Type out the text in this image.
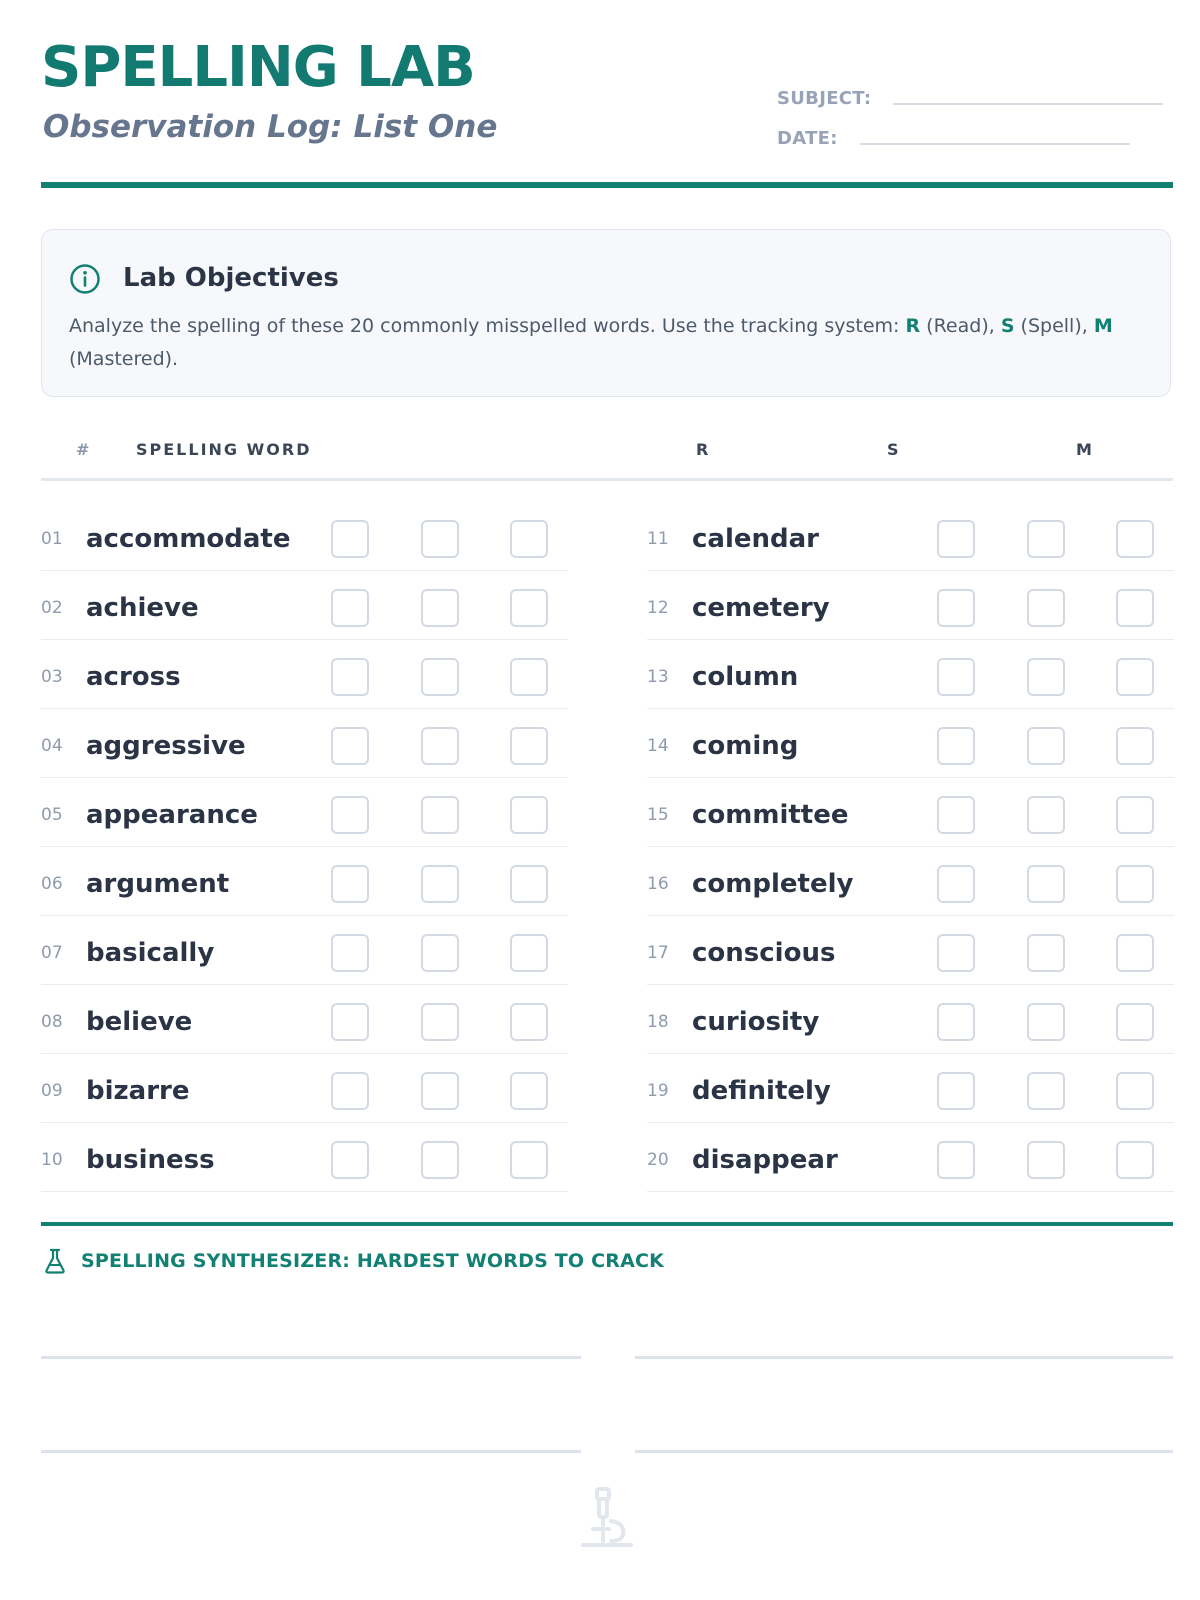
SPELLING LAB
Observation Log: List One
SUBJECT:
DATE:
Lab Objectives

Analyze the spelling of these 20 commonly misspelled words. Use the tracking system: R (Read), S (Spell), M (Mastered).

#	SPELLING WORD	R	S	M
01 accommodate
02 achieve
03 across
04 aggressive
05 appearance
06 argument
07 basically
08 believe
09 bizarre
10 business
11 calendar
12 cemetery
13 column
14 coming
15 committee
16 completely
17 conscious
18 curiosity
19 definitely
20 disappear
SPELLING SYNTHESIZER: HARDEST WORDS TO CRACK
